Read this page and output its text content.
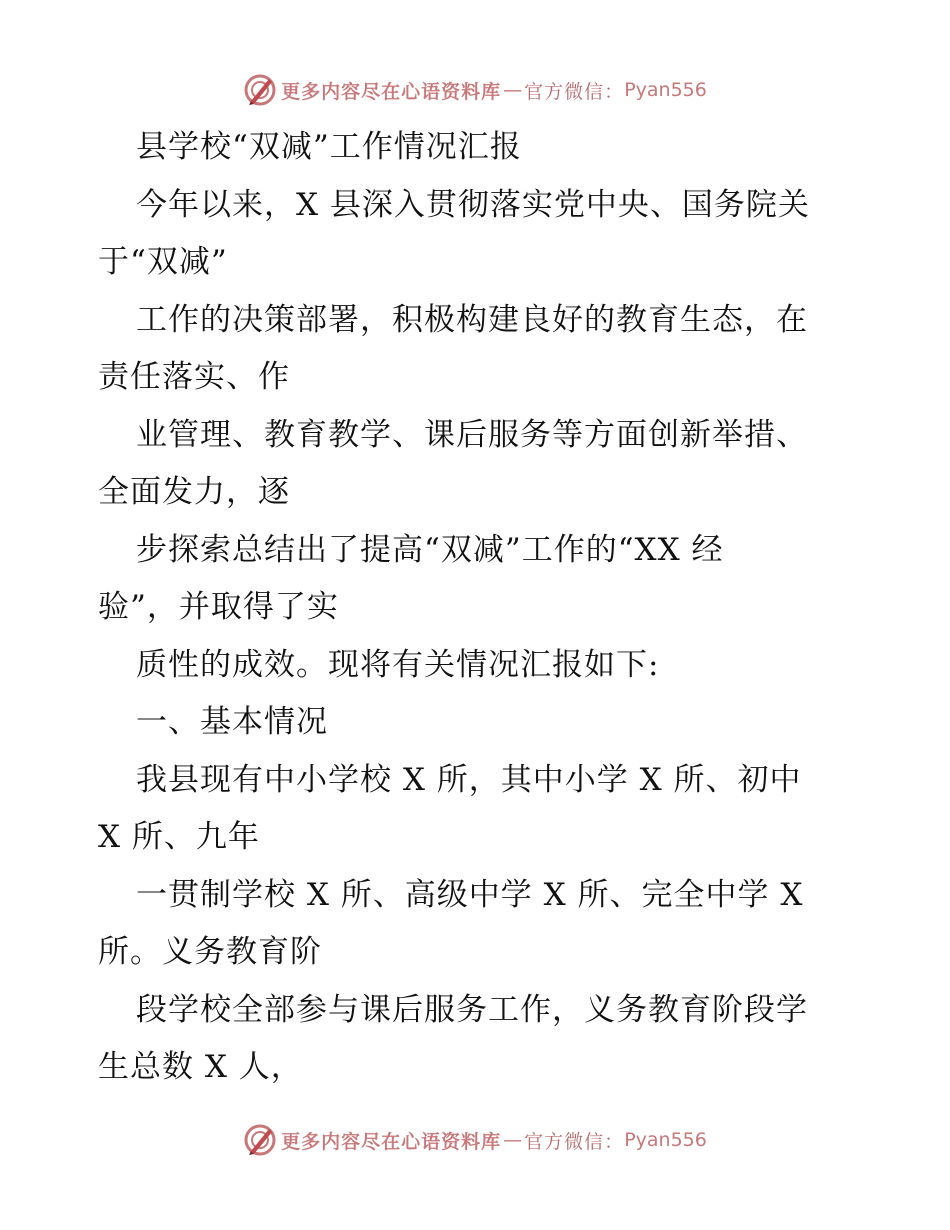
更多内容尽在心语资料库 — 官方微信： Pyan556
县学校“双减”工作情况汇报
今年以来，X 县深入贯彻落实党中央、国务院关
于“双减”
工作的决策部署，积极构建良好的教育生态，在
责任落实、作
业管理、教育教学、课后服务等方面创新举措、
全面发力，逐
步探索总结出了提高“双减”工作的“XX 经
验”，并取得了实
质性的成效。现将有关情况汇报如下:
一、基本情况
我县现有中小学校 X 所，其中小学 X 所、初中
X 所、九年
一贯制学校 X 所、高级中学 X 所、完全中学 X
所。义务教育阶
段学校全部参与课后服务工作，义务教育阶段学
生总数 X 人，
更多内容尽在心语资料库 — 官方微信： Pyan556
